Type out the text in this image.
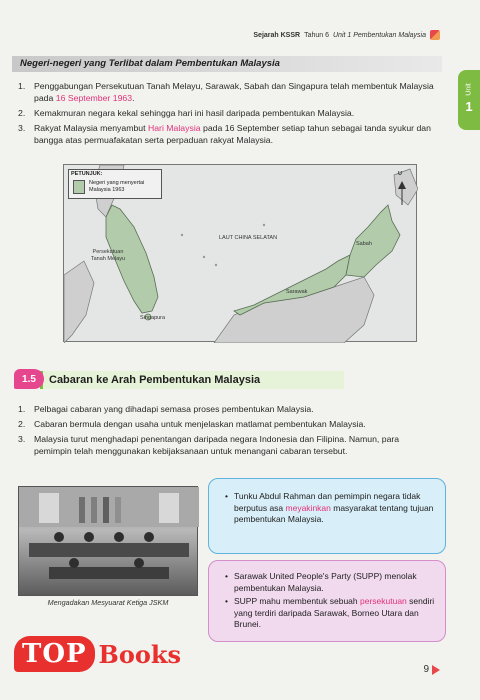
Sejarah KSSR Tahun 6 Unit 1 Pembentukan Malaysia
Unit
1
Negeri-negeri yang Terlibat dalam Pembentukan Malaysia
1.	Penggabungan Persekutuan Tanah Melayu, Sarawak, Sabah dan Singapura telah membentuk Malaysia pada 16 September 1963.
2.	Kemakmuran negara kekal sehingga hari ini hasil daripada pembentukan Malaysia.
3.	Rakyat Malaysia menyambut Hari Malaysia pada 16 September setiap tahun sebagai tanda syukur dan bangga atas permuafakatan serta perpaduan rakyat Malaysia.
PETUNJUK:
Negeri yang menyertai Malaysia 1963
LAUT CHINA SELATAN
Persekutuan Tanah Melayu
Singapura
Sarawak
Sabah
U
Cabaran ke Arah Pembentukan Malaysia
1.5
1.	Pelbagai cabaran yang dihadapi semasa proses pembentukan Malaysia.
2.	Cabaran bermula dengan usaha untuk menjelaskan matlamat pembentukan Malaysia.
3.	Malaysia turut menghadapi penentangan daripada negara Indonesia dan Filipina. Namun, para pemimpin telah menggunakan kebijaksanaan untuk menangani cabaran tersebut.
Mengadakan Mesyuarat Ketiga JSKM
• Tunku Abdul Rahman dan pemimpin negara tidak berputus asa meyakinkan masyarakat tentang tujuan pembentukan Malaysia.
• Sarawak United People's Party (SUPP) menolak pembentukan Malaysia.
• SUPP mahu membentuk sebuah persekutuan sendiri yang terdiri daripada Sarawak, Borneo Utara dan Brunei.
TOP Books
9
